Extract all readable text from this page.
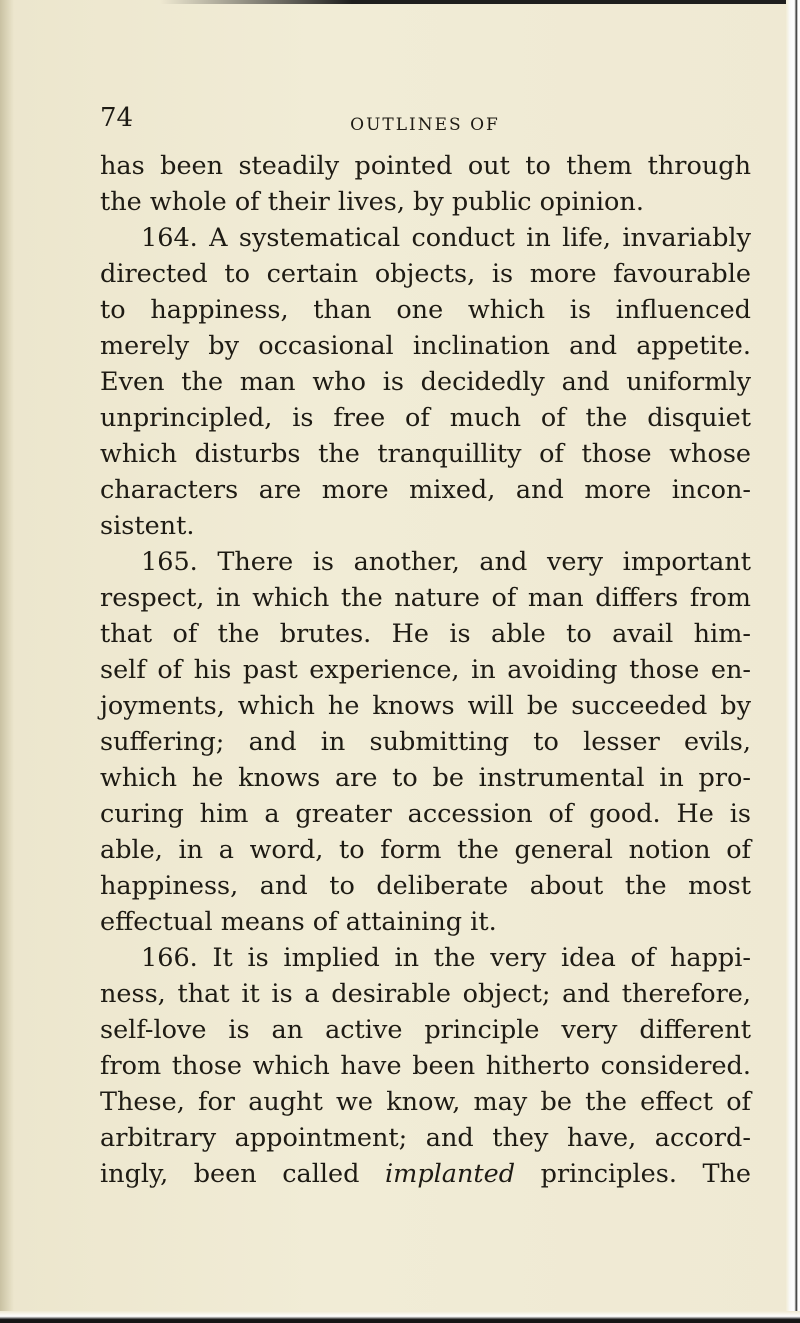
74	OUTLINES OF
has been steadily pointed out to them through
the whole of their lives, by public opinion.
164. A systematical conduct in life, invariably
directed to certain objects, is more favourable
to happiness, than one which is influenced
merely by occasional inclination and appetite.
Even the man who is decidedly and uniformly
unprincipled, is free of much of the disquiet
which disturbs the tranquillity of those whose
characters are more mixed, and more incon-
sistent.
165. There is another, and very important
respect, in which the nature of man differs from
that of the brutes. He is able to avail him-
self of his past experience, in avoiding those en-
joyments, which he knows will be succeeded by
suffering; and in submitting to lesser evils,
which he knows are to be instrumental in pro-
curing him a greater accession of good. He is
able, in a word, to form the general notion of
happiness, and to deliberate about the most
effectual means of attaining it.
166. It is implied in the very idea of happi-
ness, that it is a desirable object; and therefore,
self-love is an active principle very different
from those which have been hitherto considered.
These, for aught we know, may be the effect of
arbitrary appointment; and they have, accord-
ingly, been called implanted principles. The
